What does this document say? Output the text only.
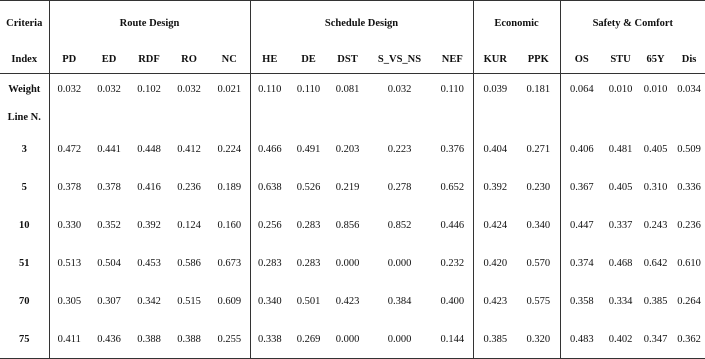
Criteria	Route Design					Schedule Design					Economic		Safety & Comfort			
Index	PD	ED	RDF	RO	NC	HE	DE	DST	S_VS_NS	NEF	KUR	PPK	OS	STU	65Y	Dis
Weight	0.032	0.032	0.102	0.032	0.021	0.110	0.110	0.081	0.032	0.110	0.039	0.181	0.064	0.010	0.010	0.034
Line N.																
3	0.472	0.441	0.448	0.412	0.224	0.466	0.491	0.203	0.223	0.376	0.404	0.271	0.406	0.481	0.405	0.509
5	0.378	0.378	0.416	0.236	0.189	0.638	0.526	0.219	0.278	0.652	0.392	0.230	0.367	0.405	0.310	0.336
10	0.330	0.352	0.392	0.124	0.160	0.256	0.283	0.856	0.852	0.446	0.424	0.340	0.447	0.337	0.243	0.236
51	0.513	0.504	0.453	0.586	0.673	0.283	0.283	0.000	0.000	0.232	0.420	0.570	0.374	0.468	0.642	0.610
70	0.305	0.307	0.342	0.515	0.609	0.340	0.501	0.423	0.384	0.400	0.423	0.575	0.358	0.334	0.385	0.264
75	0.411	0.436	0.388	0.388	0.255	0.338	0.269	0.000	0.000	0.144	0.385	0.320	0.483	0.402	0.347	0.362
